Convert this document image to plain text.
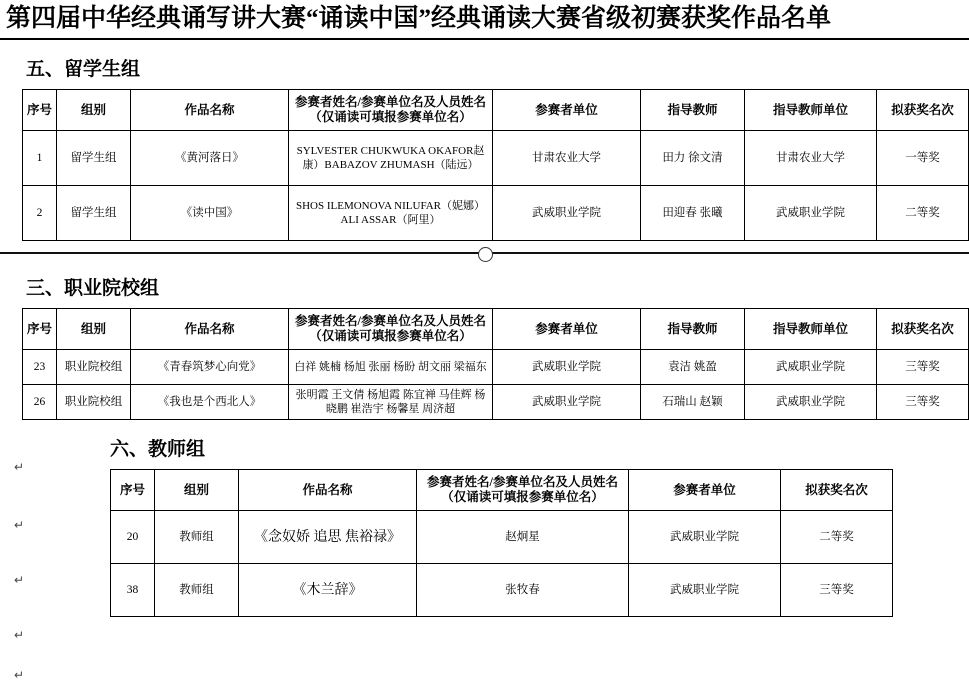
第四届中华经典诵写讲大赛“诵读中国”经典诵读大赛省级初赛获奖作品名单
五、留学生组
序号	组别	作品名称	参赛者姓名/参赛单位名及人员姓名（仅诵读可填报参赛单位名）	参赛者单位	指导教师	指导教师单位	拟获奖名次
1	留学生组	《黄河落日》	SYLVESTER CHUKWUKA OKAFOR赵康）BABAZOV ZHUMASH（陆远）	甘肃农业大学	田力 徐文清	甘肃农业大学	一等奖
2	留学生组	《读中国》	SHOS ILEMONOVA NILUFAR（妮娜）ALI ASSAR（阿里）	武威职业学院	田迎春 张曦	武威职业学院	二等奖
三、职业院校组
序号	组别	作品名称	参赛者姓名/参赛单位名及人员姓名（仅诵读可填报参赛单位名）	参赛者单位	指导教师	指导教师单位	拟获奖名次
23	职业院校组	《青春筑梦心向党》	白祥 姚楠 杨旭 张丽 杨盼 胡文丽 梁福东	武威职业学院	袁洁 姚盈	武威职业学院	三等奖
26	职业院校组	《我也是个西北人》	张明霞 王文倩 杨旭霞 陈宜禅 马佳辉 杨晓鹏 崔浩宇 杨馨星 周济超	武威职业学院	石瑞山 赵颖	武威职业学院	三等奖
六、教师组
序号	组别	作品名称	参赛者姓名/参赛单位名及人员姓名（仅诵读可填报参赛单位名）	参赛者单位	拟获奖名次
20	教师组	《念奴娇 追思 焦裕禄》	赵炯星	武威职业学院	二等奖
38	教师组	《木兰辞》	张牧春	武威职业学院	三等奖
↵
↵
↵
↵
↵
